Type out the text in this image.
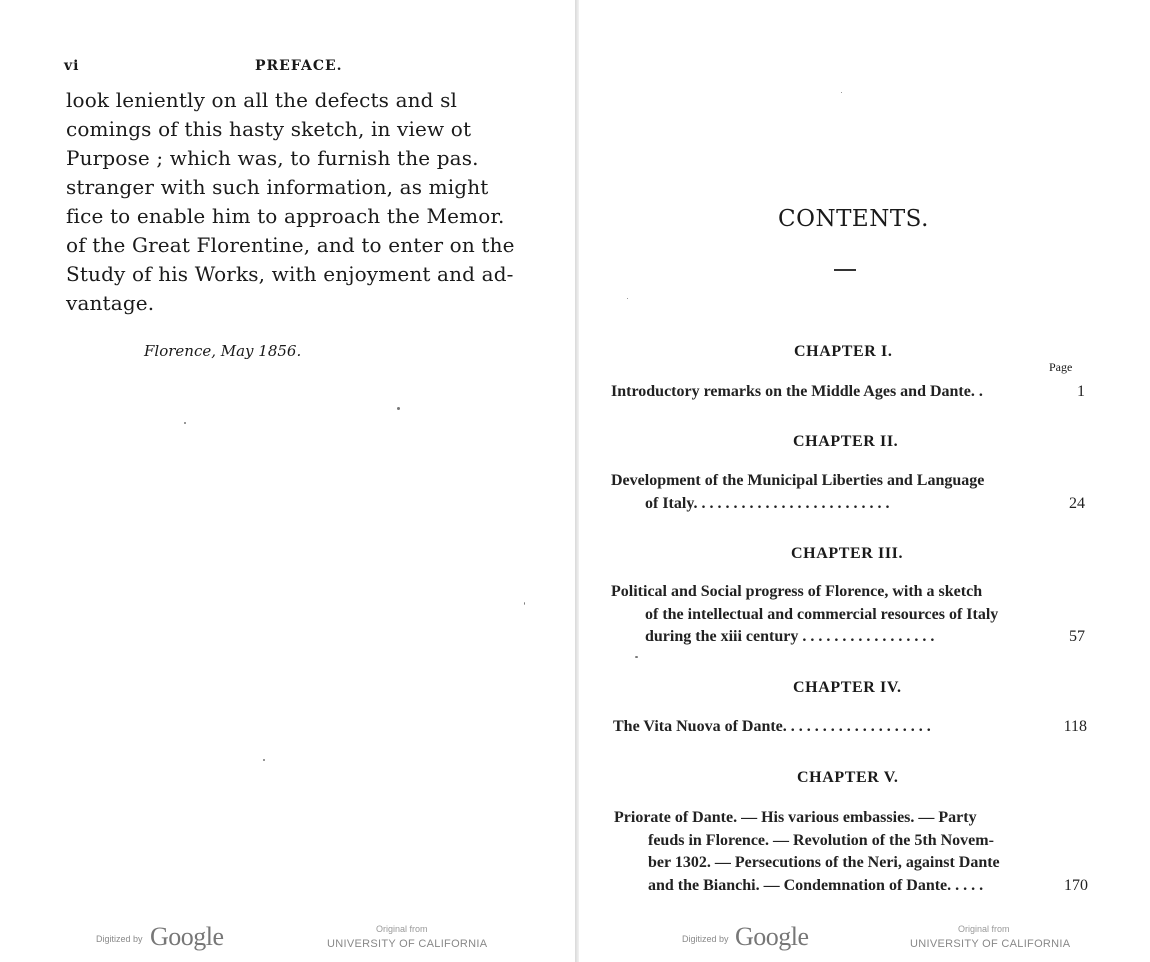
vi	PREFACE.
look leniently on all the defects and sl
comings of this hasty sketch, in view ot
Purpose ; which was, to furnish the pas.
stranger with such information, as might
fice to enable him to approach the Memor.
of the Great Florentine, and to enter on the
Study of his Works, with enjoyment and ad-
vantage.
Florence, May 1856.
Digitized by Google	Original from
UNIVERSITY OF CALIFORNIA
CONTENTS.
CHAPTER I.
Page
Introductory remarks on the Middle Ages and Dante. .	1
CHAPTER II.
Development of the Municipal Liberties and Language
of Italy. . . . . . . . . . . . . . . . . . . . . . . . .	24
CHAPTER III.
Political and Social progress of Florence, with a sketch
of the intellectual and commercial resources of Italy
during the xiii century . . . . . . . . . . . . . . . . .	57
CHAPTER IV.
The Vita Nuova of Dante. . . . . . . . . . . . . . . . . . .	118
CHAPTER V.
Priorate of Dante. — His various embassies. — Party
feuds in Florence. — Revolution of the 5th Novem-
ber 1302. — Persecutions of the Neri, against Dante
and the Bianchi. — Condemnation of Dante. . . . .	170
Digitized by Google	Original from
UNIVERSITY OF CALIFORNIA
